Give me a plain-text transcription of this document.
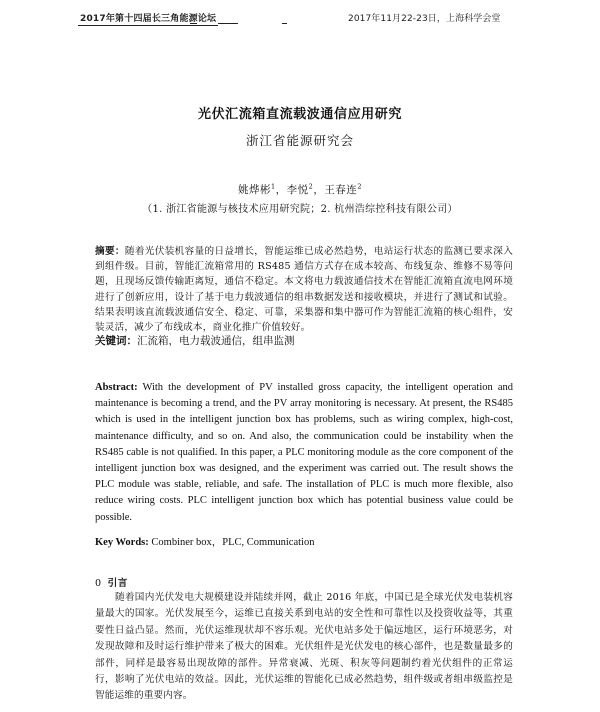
2017年第十四届长三角能源论坛	2017年11月22-23日，上海科学会堂
光伏汇流箱直流载波通信应用研究
浙江省能源研究会
姚烨彬$^1$，李悦$^2$，王春连$^2$
（1. 浙江省能源与核技术应用研究院；2. 杭州浩综控科技有限公司）
摘要：随着光伏装机容量的日益增长，智能运维已成必然趋势，电站运行状态的监测已要求深入到组件级。目前，智能汇流箱常用的 RS485 通信方式存在成本较高、布线复杂、维修不易等问题，且现场反馈传输距离短，通信不稳定。本文将电力载波通信技术在智能汇流箱直流电网环境进行了创新应用，设计了基于电力载波通信的组串数据发送和接收模块，并进行了测试和试验。结果表明该直流载波通信安全、稳定、可靠，采集器和集中器可作为智能汇流箱的核心组件，安装灵活，减少了布线成本，商业化推广价值较好。
关键词：汇流箱，电力载波通信，组串监测
Abstract: With the development of PV installed gross capacity, the intelligent operation and maintenance is becoming a trend, and the PV array monitoring is necessary. At present, the RS485 which is used in the intelligent junction box has problems, such as wiring complex, high-cost, maintenance difficulty, and so on. And also, the communication could be instability when the RS485 cable is not qualified. In this paper, a PLC monitoring module as the core component of the intelligent junction box was designed, and the experiment was carried out. The result shows the PLC module was stable, reliable, and safe. The installation of PLC is much more flexible, also reduce wiring costs. PLC intelligent junction box which has potential business value could be possible.
Key Words: Combiner box，PLC, Communication
0 引言
随着国内光伏发电大规模建设并陆续并网，截止 2016 年底，中国已是全球光伏发电装机容量最大的国家。光伏发展至今，运维已直接关系到电站的安全性和可靠性以及投资收益等，其重要性日益凸显。然而，光伏运维现状却不容乐观。光伏电站多处于偏远地区，运行环境恶劣，对发现故障和及时运行维护带来了极大的困难。光伏组件是光伏发电的核心部件，也是数量最多的部件，同样是最容易出现故障的部件。异常衰减、光斑、积灰等问题制约着光伏组件的正常运行，影响了光伏电站的效益。因此，光伏运维的智能化已成必然趋势，组件级或者组串级监控是智能运维的重要内容。
